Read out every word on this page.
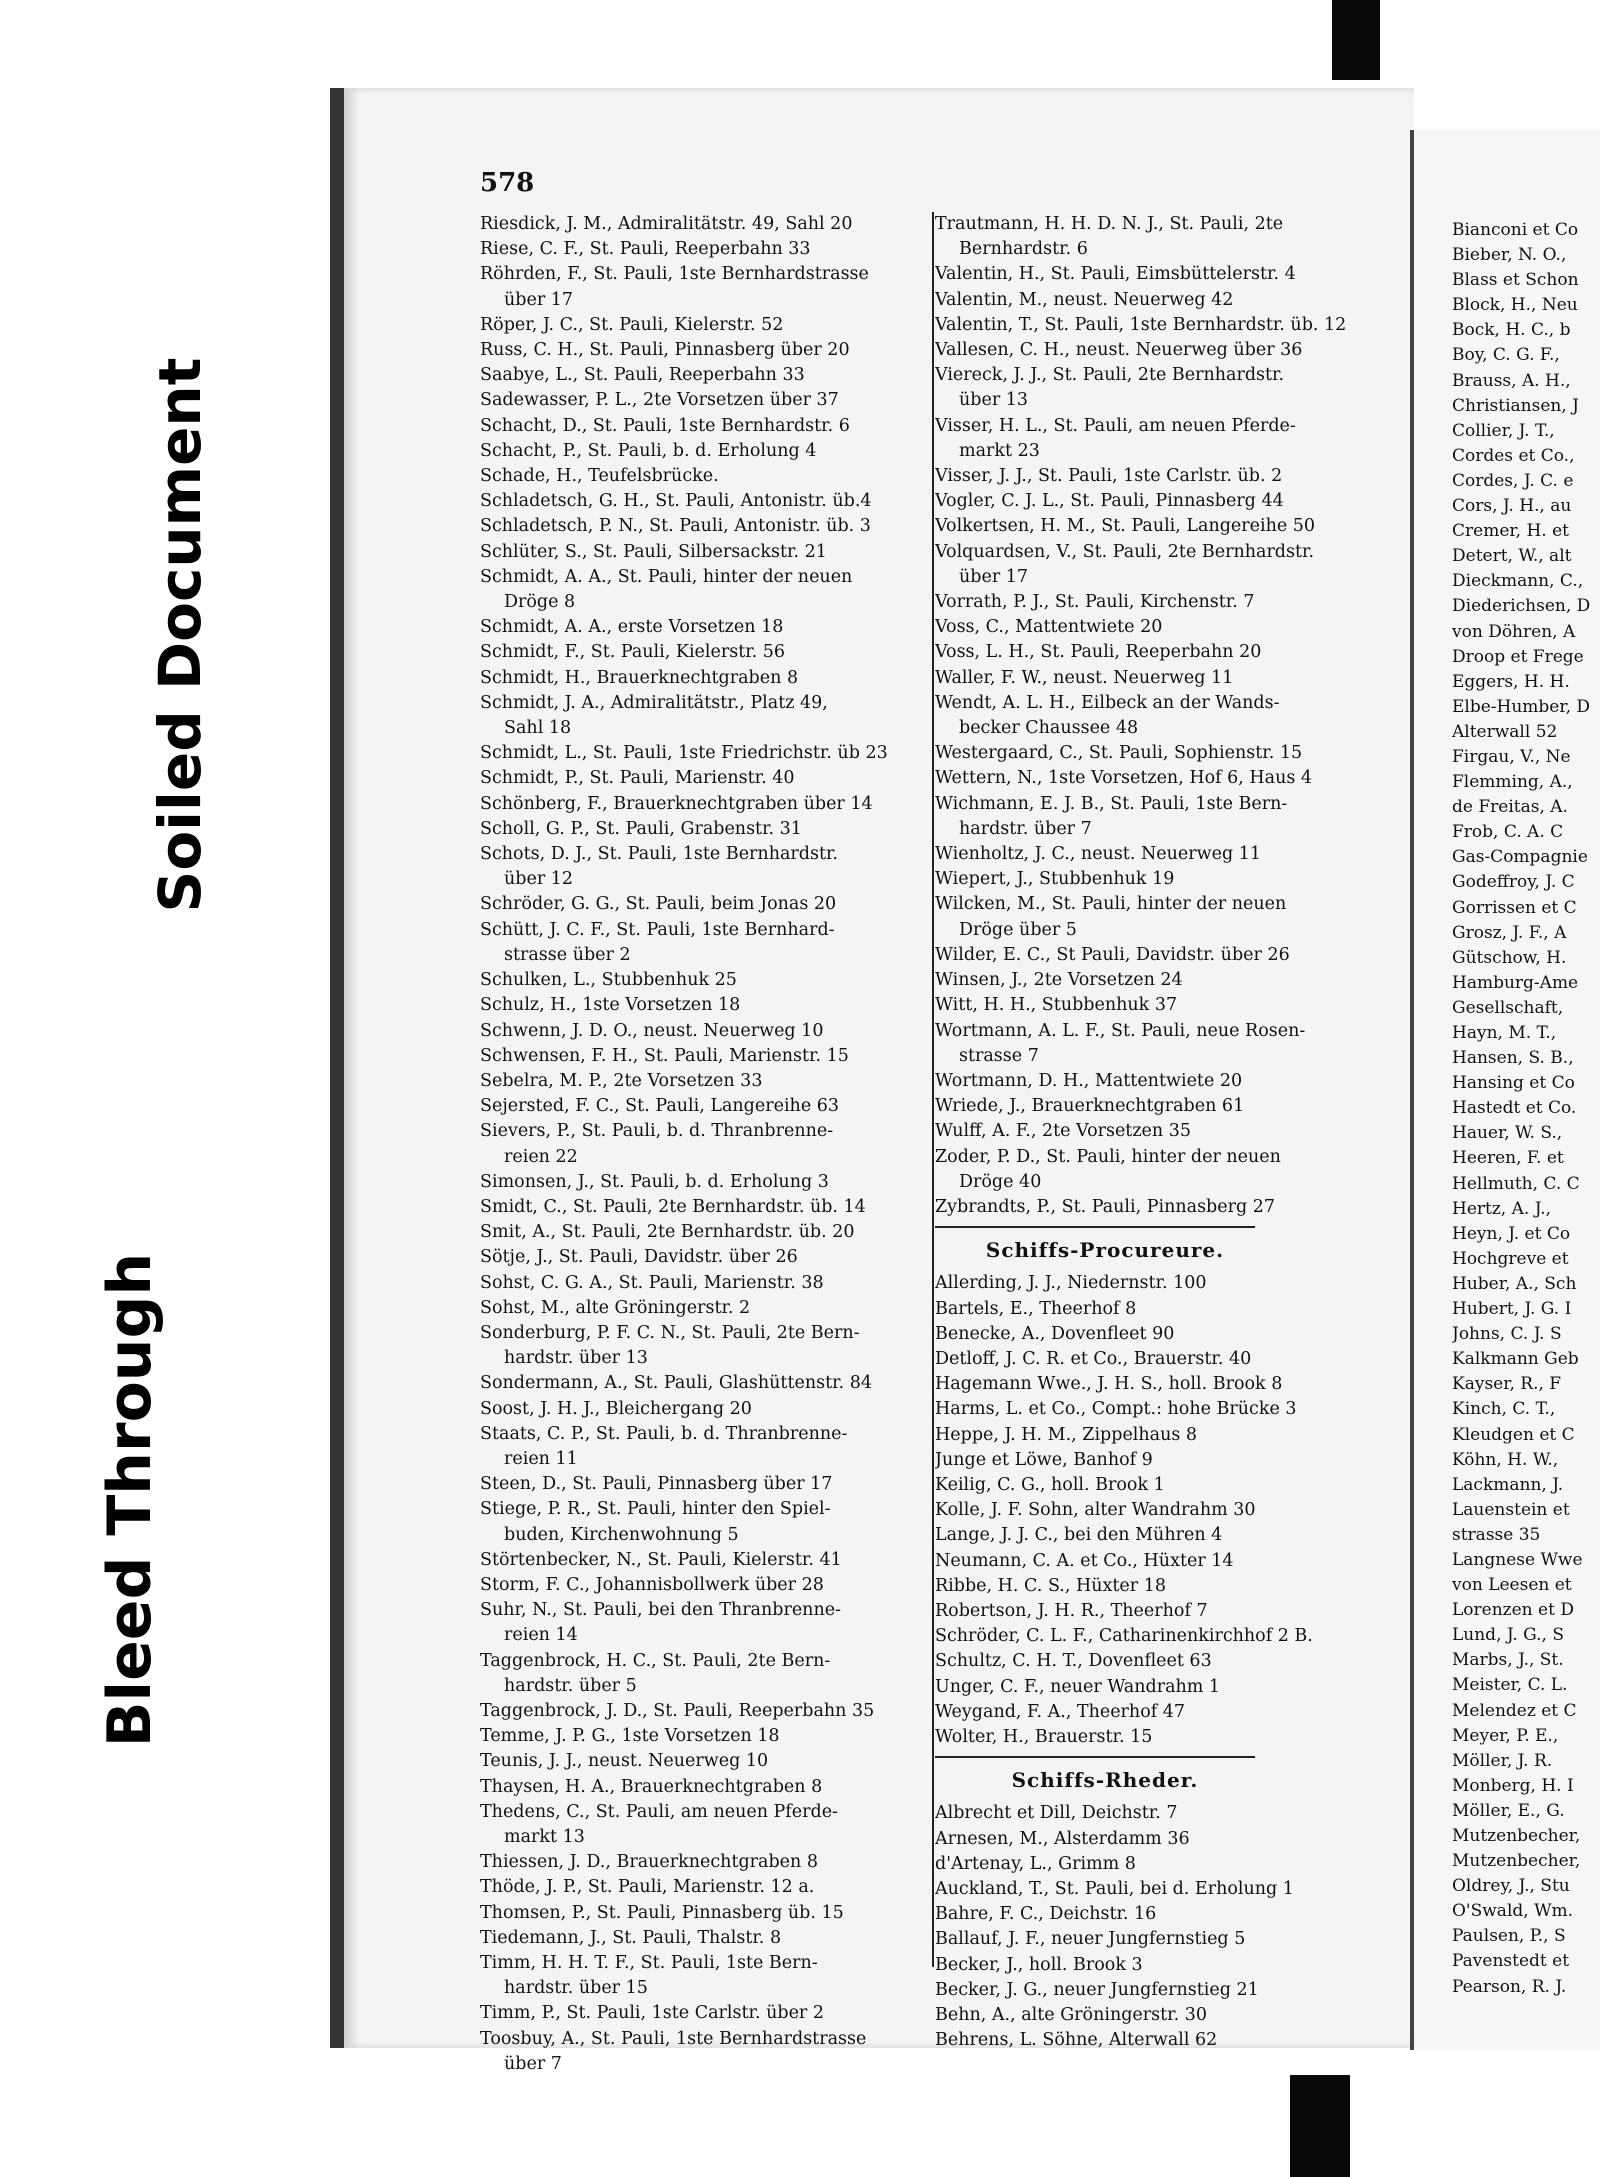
578
Riesdick, J. M., Admiralitätstr. 49, Sahl 20
Riese, C. F., St. Pauli, Reeperbahn 33
Röhrden, F., St. Pauli, 1ste Bernhardstrasse
über 17
Röper, J. C., St. Pauli, Kielerstr. 52
Russ, C. H., St. Pauli, Pinnasberg über 20
Saabye, L., St. Pauli, Reeperbahn 33
Sadewasser, P. L., 2te Vorsetzen über 37
Schacht, D., St. Pauli, 1ste Bernhardstr. 6
Schacht, P., St. Pauli, b. d. Erholung 4
Schade, H., Teufelsbrücke.
Schladetsch, G. H., St. Pauli, Antonistr. üb.4
Schladetsch, P. N., St. Pauli, Antonistr. üb. 3
Schlüter, S., St. Pauli, Silbersackstr. 21
Schmidt, A. A., St. Pauli, hinter der neuen
Dröge 8
Schmidt, A. A., erste Vorsetzen 18
Schmidt, F., St. Pauli, Kielerstr. 56
Schmidt, H., Brauerknechtgraben 8
Schmidt, J. A., Admiralitätstr., Platz 49,
Sahl 18
Schmidt, L., St. Pauli, 1ste Friedrichstr. üb 23
Schmidt, P., St. Pauli, Marienstr. 40
Schönberg, F., Brauerknechtgraben über 14
Scholl, G. P., St. Pauli, Grabenstr. 31
Schots, D. J., St. Pauli, 1ste Bernhardstr.
über 12
Schröder, G. G., St. Pauli, beim Jonas 20
Schütt, J. C. F., St. Pauli, 1ste Bernhard-
strasse über 2
Schulken, L., Stubbenhuk 25
Schulz, H., 1ste Vorsetzen 18
Schwenn, J. D. O., neust. Neuerweg 10
Schwensen, F. H., St. Pauli, Marienstr. 15
Sebelra, M. P., 2te Vorsetzen 33
Sejersted, F. C., St. Pauli, Langereihe 63
Sievers, P., St. Pauli, b. d. Thranbrenne-
reien 22
Simonsen, J., St. Pauli, b. d. Erholung 3
Smidt, C., St. Pauli, 2te Bernhardstr. üb. 14
Smit, A., St. Pauli, 2te Bernhardstr. üb. 20
Sötje, J., St. Pauli, Davidstr. über 26
Sohst, C. G. A., St. Pauli, Marienstr. 38
Sohst, M., alte Gröningerstr. 2
Sonderburg, P. F. C. N., St. Pauli, 2te Bern-
hardstr. über 13
Sondermann, A., St. Pauli, Glashüttenstr. 84
Soost, J. H. J., Bleichergang 20
Staats, C. P., St. Pauli, b. d. Thranbrenne-
reien 11
Steen, D., St. Pauli, Pinnasberg über 17
Stiege, P. R., St. Pauli, hinter den Spiel-
buden, Kirchenwohnung 5
Störtenbecker, N., St. Pauli, Kielerstr. 41
Storm, F. C., Johannisbollwerk über 28
Suhr, N., St. Pauli, bei den Thranbrenne-
reien 14
Taggenbrock, H. C., St. Pauli, 2te Bern-
hardstr. über 5
Taggenbrock, J. D., St. Pauli, Reeperbahn 35
Temme, J. P. G., 1ste Vorsetzen 18
Teunis, J. J., neust. Neuerweg 10
Thaysen, H. A., Brauerknechtgraben 8
Thedens, C., St. Pauli, am neuen Pferde-
markt 13
Thiessen, J. D., Brauerknechtgraben 8
Thöde, J. P., St. Pauli, Marienstr. 12 a.
Thomsen, P., St. Pauli, Pinnasberg üb. 15
Tiedemann, J., St. Pauli, Thalstr. 8
Timm, H. H. T. F., St. Pauli, 1ste Bern-
hardstr. über 15
Timm, P., St. Pauli, 1ste Carlstr. über 2
Toosbuy, A., St. Pauli, 1ste Bernhardstrasse
über 7
Trautmann, H. H. D. N. J., St. Pauli, 2te
Bernhardstr. 6
Valentin, H., St. Pauli, Eimsbüttelerstr. 4
Valentin, M., neust. Neuerweg 42
Valentin, T., St. Pauli, 1ste Bernhardstr. üb. 12
Vallesen, C. H., neust. Neuerweg über 36
Viereck, J. J., St. Pauli, 2te Bernhardstr.
über 13
Visser, H. L., St. Pauli, am neuen Pferde-
markt 23
Visser, J. J., St. Pauli, 1ste Carlstr. üb. 2
Vogler, C. J. L., St. Pauli, Pinnasberg 44
Volkertsen, H. M., St. Pauli, Langereihe 50
Volquardsen, V., St. Pauli, 2te Bernhardstr.
über 17
Vorrath, P. J., St. Pauli, Kirchenstr. 7
Voss, C., Mattentwiete 20
Voss, L. H., St. Pauli, Reeperbahn 20
Waller, F. W., neust. Neuerweg 11
Wendt, A. L. H., Eilbeck an der Wands-
becker Chaussee 48
Westergaard, C., St. Pauli, Sophienstr. 15
Wettern, N., 1ste Vorsetzen, Hof 6, Haus 4
Wichmann, E. J. B., St. Pauli, 1ste Bern-
hardstr. über 7
Wienholtz, J. C., neust. Neuerweg 11
Wiepert, J., Stubbenhuk 19
Wilcken, M., St. Pauli, hinter der neuen
Dröge über 5
Wilder, E. C., St Pauli, Davidstr. über 26
Winsen, J., 2te Vorsetzen 24
Witt, H. H., Stubbenhuk 37
Wortmann, A. L. F., St. Pauli, neue Rosen-
strasse 7
Wortmann, D. H., Mattentwiete 20
Wriede, J., Brauerknechtgraben 61
Wulff, A. F., 2te Vorsetzen 35
Zoder, P. D., St. Pauli, hinter der neuen
Dröge 40
Zybrandts, P., St. Pauli, Pinnasberg 27
Schiffs-Procureure.
Allerding, J. J., Niedernstr. 100
Bartels, E., Theerhof 8
Benecke, A., Dovenfleet 90
Detloff, J. C. R. et Co., Brauerstr. 40
Hagemann Wwe., J. H. S., holl. Brook 8
Harms, L. et Co., Compt.: hohe Brücke 3
Heppe, J. H. M., Zippelhaus 8
Junge et Löwe, Banhof 9
Keilig, C. G., holl. Brook 1
Kolle, J. F. Sohn, alter Wandrahm 30
Lange, J. J. C., bei den Mühren 4
Neumann, C. A. et Co., Hüxter 14
Ribbe, H. C. S., Hüxter 18
Robertson, J. H. R., Theerhof 7
Schröder, C. L. F., Catharinenkirchhof 2 B.
Schultz, C. H. T., Dovenfleet 63
Unger, C. F., neuer Wandrahm 1
Weygand, F. A., Theerhof 47
Wolter, H., Brauerstr. 15
Schiffs-Rheder.
Albrecht et Dill, Deichstr. 7
Arnesen, M., Alsterdamm 36
d'Artenay, L., Grimm 8
Auckland, T., St. Pauli, bei d. Erholung 1
Bahre, F. C., Deichstr. 16
Ballauf, J. F., neuer Jungfernstieg 5
Becker, J., holl. Brook 3
Becker, J. G., neuer Jungfernstieg 21
Behn, A., alte Gröningerstr. 30
Behrens, L. Söhne, Alterwall 62
Bianconi et Co
Bieber, N. O.,
Blass et Schon
Block, H., Neu
Bock, H. C., b
Boy, C. G. F.,
Brauss, A. H.,
Christiansen, J
Collier, J. T.,
Cordes et Co.,
Cordes, J. C. e
Cors, J. H., au
Cremer, H. et
Detert, W., alt
Dieckmann, C.,
Diederichsen, D
von Döhren, A
Droop et Frege
Eggers, H. H.
Elbe-Humber, D
Alterwall 52
Firgau, V., Ne
Flemming, A.,
de Freitas, A.
Frob, C. A. C
Gas-Compagnie
Godeffroy, J. C
Gorrissen et C
Grosz, J. F., A
Gütschow, H.
Hamburg-Ame
Gesellschaft,
Hayn, M. T.,
Hansen, S. B.,
Hansing et Co
Hastedt et Co.
Hauer, W. S.,
Heeren, F. et
Hellmuth, C. C
Hertz, A. J.,
Heyn, J. et Co
Hochgreve et
Huber, A., Sch
Hubert, J. G. I
Johns, C. J. S
Kalkmann Geb
Kayser, R., F
Kinch, C. T.,
Kleudgen et C
Köhn, H. W.,
Lackmann, J.
Lauenstein et
strasse 35
Langnese Wwe
von Leesen et
Lorenzen et D
Lund, J. G., S
Marbs, J., St.
Meister, C. L.
Melendez et C
Meyer, P. E.,
Möller, J. R.
Monberg, H. I
Möller, E., G.
Mutzenbecher,
Mutzenbecher,
Oldrey, J., Stu
O'Swald, Wm.
Paulsen, P., S
Pavenstedt et
Pearson, R. J.
Soiled Document
Bleed Through
